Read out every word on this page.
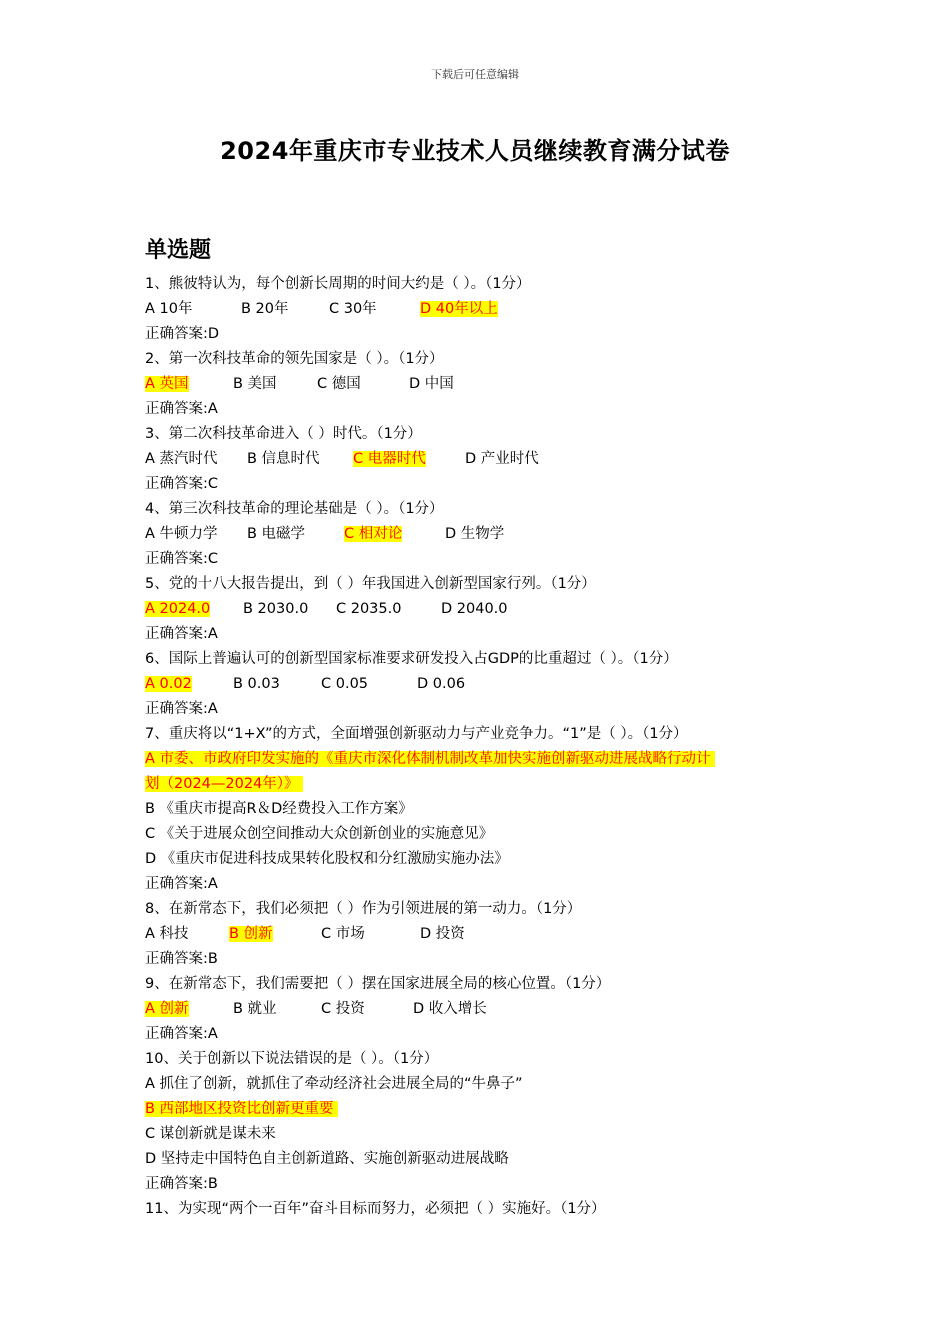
下载后可任意编辑
2024年重庆市专业技术人员继续教育满分试卷
单选题
1、熊彼特认为，每个创新长周期的时间大约是（ ）。（1分）
A 10年	B 20年	C 30年	D 40年以上
正确答案:D
2、第一次科技革命的领先国家是（ ）。（1分）
A 英国	B 美国	C 德国	D 中国
正确答案:A
3、第二次科技革命进入（ ）时代。（1分）
A 蒸汽时代	B 信息时代	C 电器时代	D 产业时代
正确答案:C
4、第三次科技革命的理论基础是（ ）。（1分）
A 牛顿力学	B 电磁学	C 相对论	D 生物学
正确答案:C
5、党的十八大报告提出，到（ ）年我国进入创新型国家行列。（1分）
A 2024.0	B 2030.0	C 2035.0	D 2040.0
正确答案:A
6、国际上普遍认可的创新型国家标准要求研发投入占GDP的比重超过（ ）。（1分）
A 0.02	B 0.03	C 0.05	D 0.06
正确答案:A
7、重庆将以“1+X”的方式，全面增强创新驱动力与产业竞争力。“1”是（ ）。（1分）
A 市委、市政府印发实施的《重庆市深化体制机制改革加快实施创新驱动进展战略行动计
划（2024—2024年）》
B 《重庆市提高R＆D经费投入工作方案》
C 《关于进展众创空间推动大众创新创业的实施意见》
D 《重庆市促进科技成果转化股权和分红激励实施办法》
正确答案:A
8、在新常态下，我们必须把（ ）作为引领进展的第一动力。（1分）
A 科技	B 创新	C 市场	D 投资
正确答案:B
9、在新常态下，我们需要把（ ）摆在国家进展全局的核心位置。（1分）
A 创新	B 就业	C 投资	D 收入增长
正确答案:A
10、关于创新以下说法错误的是（ ）。（1分）
A 抓住了创新，就抓住了牵动经济社会进展全局的“牛鼻子”
B 西部地区投资比创新更重要
C 谋创新就是谋未来
D 坚持走中国特色自主创新道路、实施创新驱动进展战略
正确答案:B
11、为实现“两个一百年”奋斗目标而努力，必须把（ ）实施好。（1分）
